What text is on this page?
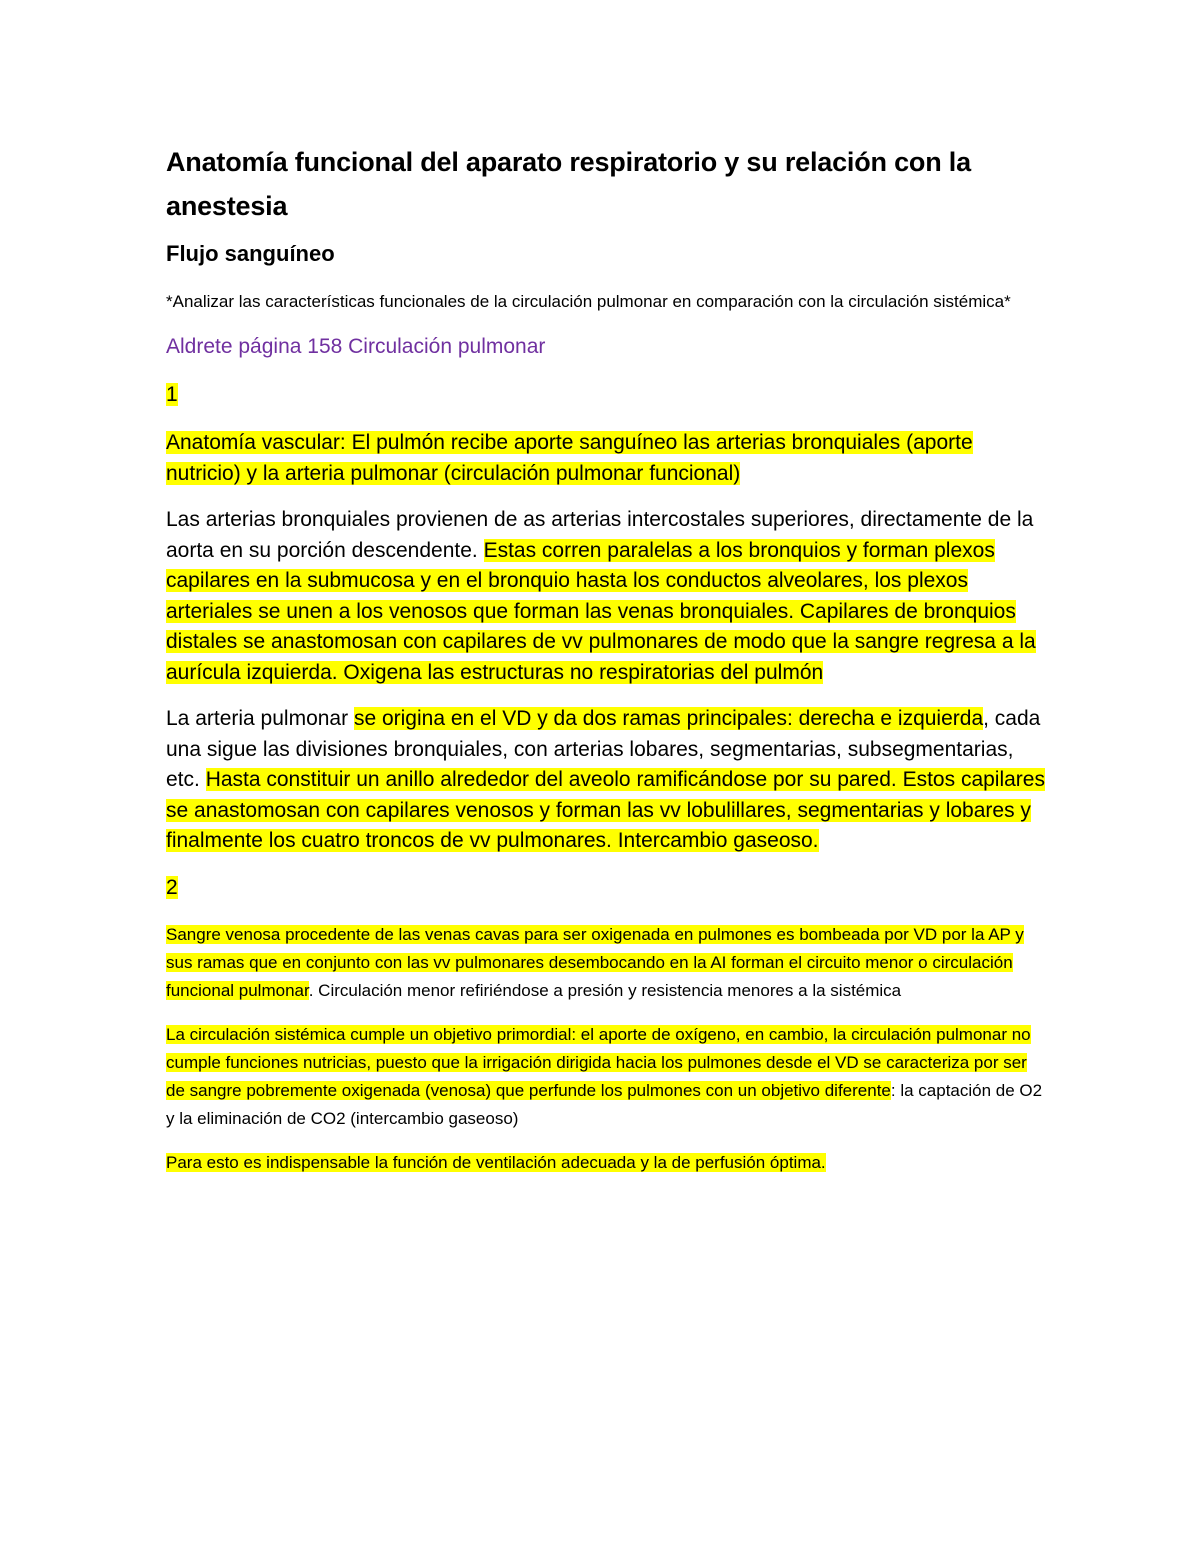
Anatomía funcional del aparato respiratorio y su relación con la anestesia
Flujo sanguíneo

*Analizar las características funcionales de la circulación pulmonar en comparación con la circulación sistémica*

Aldrete página 158 Circulación pulmonar

1

Anatomía vascular: El pulmón recibe aporte sanguíneo las arterias bronquiales (aporte nutricio) y la arteria pulmonar (circulación pulmonar funcional)

Las arterias bronquiales provienen de as arterias intercostales superiores, directamente de la aorta en su porción descendente. Estas corren paralelas a los bronquios y forman plexos capilares en la submucosa y en el bronquio hasta los conductos alveolares, los plexos arteriales se unen a los venosos que forman las venas bronquiales. Capilares de bronquios distales se anastomosan con capilares de vv pulmonares de modo que la sangre regresa a la aurícula izquierda. Oxigena las estructuras no respiratorias del pulmón

La arteria pulmonar se origina en el VD y da dos ramas principales: derecha e izquierda, cada una sigue las divisiones bronquiales, con arterias lobares, segmentarias, subsegmentarias, etc. Hasta constituir un anillo alrededor del aveolo ramificándose por su pared. Estos capilares se anastomosan con capilares venosos y forman las vv lobulillares, segmentarias y lobares y finalmente los cuatro troncos de vv pulmonares. Intercambio gaseoso.

2

Sangre venosa procedente de las venas cavas para ser oxigenada en pulmones es bombeada por VD por la AP y sus ramas que en conjunto con las vv pulmonares desembocando en la AI forman el circuito menor o circulación funcional pulmonar. Circulación menor refiriéndose a presión y resistencia menores a la sistémica

La circulación sistémica cumple un objetivo primordial: el aporte de oxígeno, en cambio, la circulación pulmonar no cumple funciones nutricias, puesto que la irrigación dirigida hacia los pulmones desde el VD se caracteriza por ser de sangre pobremente oxigenada (venosa) que perfunde los pulmones con un objetivo diferente: la captación de O2 y la eliminación de CO2 (intercambio gaseoso)

Para esto es indispensable la función de ventilación adecuada y la de perfusión óptima.
